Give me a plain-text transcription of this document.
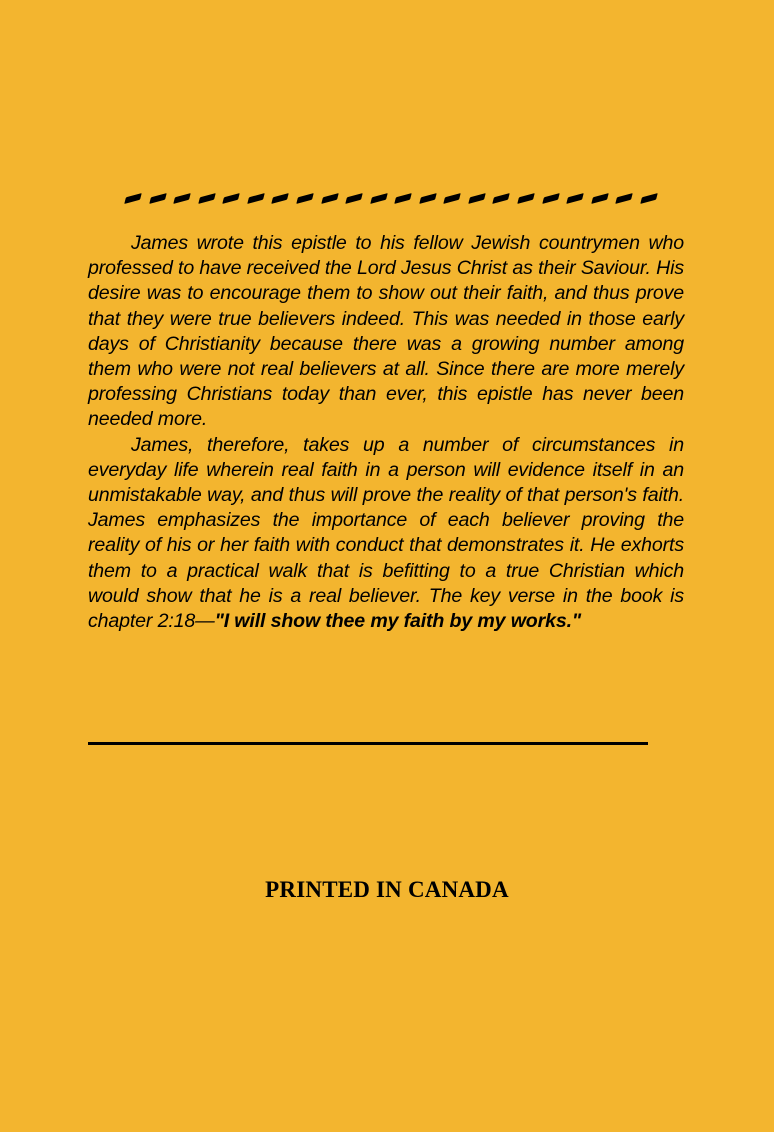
James wrote this epistle to his fellow Jewish countrymen who professed to have received the Lord Jesus Christ as their Saviour. His desire was to encourage them to show out their faith, and thus prove that they were true believers indeed. This was needed in those early days of Christianity because there was a growing number among them who were not real believers at all. Since there are more merely professing Christians today than ever, this epistle has never been needed more.

James, therefore, takes up a number of circumstances in everyday life wherein real faith in a person will evidence itself in an unmistakable way, and thus will prove the reality of that person's faith. James emphasizes the importance of each believer proving the reality of his or her faith with conduct that demonstrates it. He exhorts them to a practical walk that is befitting to a true Christian which would show that he is a real believer. The key verse in the book is chapter 2:18—"I will show thee my faith by my works."

PRINTED IN CANADA
